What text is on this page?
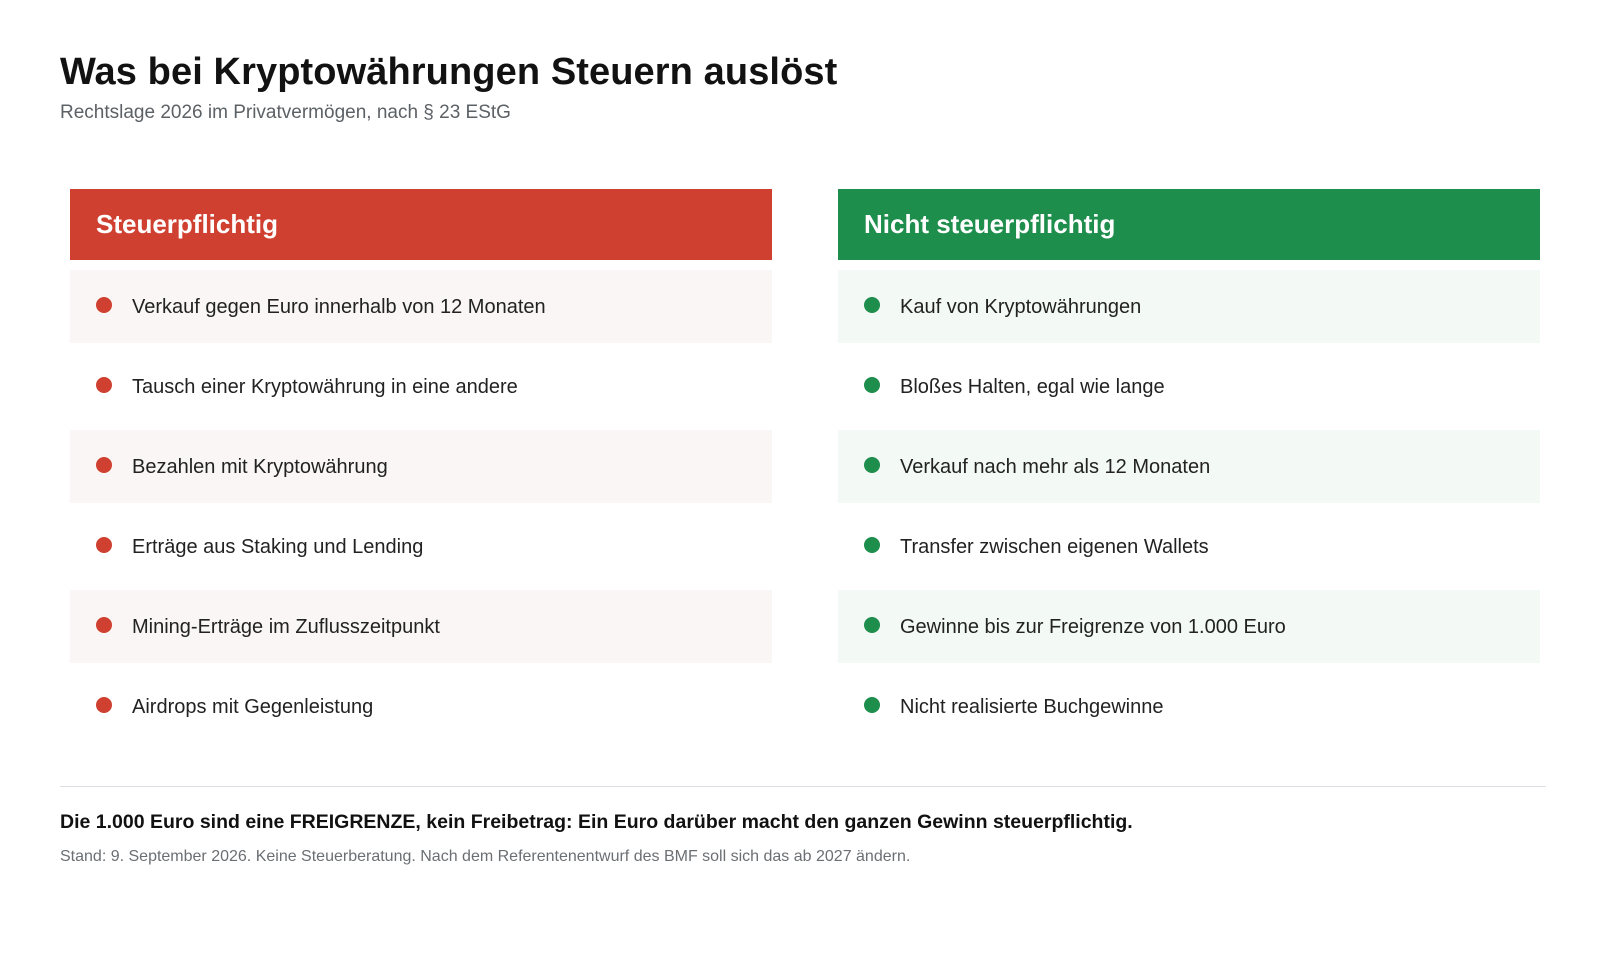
Was bei Kryptowährungen Steuern auslöst
Rechtslage 2026 im Privatvermögen, nach § 23 EStG
Steuerpflichtig
Verkauf gegen Euro innerhalb von 12 Monaten
Tausch einer Kryptowährung in eine andere
Bezahlen mit Kryptowährung
Erträge aus Staking und Lending
Mining-Erträge im Zuflusszeitpunkt
Airdrops mit Gegenleistung
Nicht steuerpflichtig
Kauf von Kryptowährungen
Bloßes Halten, egal wie lange
Verkauf nach mehr als 12 Monaten
Transfer zwischen eigenen Wallets
Gewinne bis zur Freigrenze von 1.000 Euro
Nicht realisierte Buchgewinne
Die 1.000 Euro sind eine FREIGRENZE, kein Freibetrag: Ein Euro darüber macht den ganzen Gewinn steuerpflichtig.
Stand: 9. September 2026. Keine Steuerberatung. Nach dem Referentenentwurf des BMF soll sich das ab 2027 ändern.
